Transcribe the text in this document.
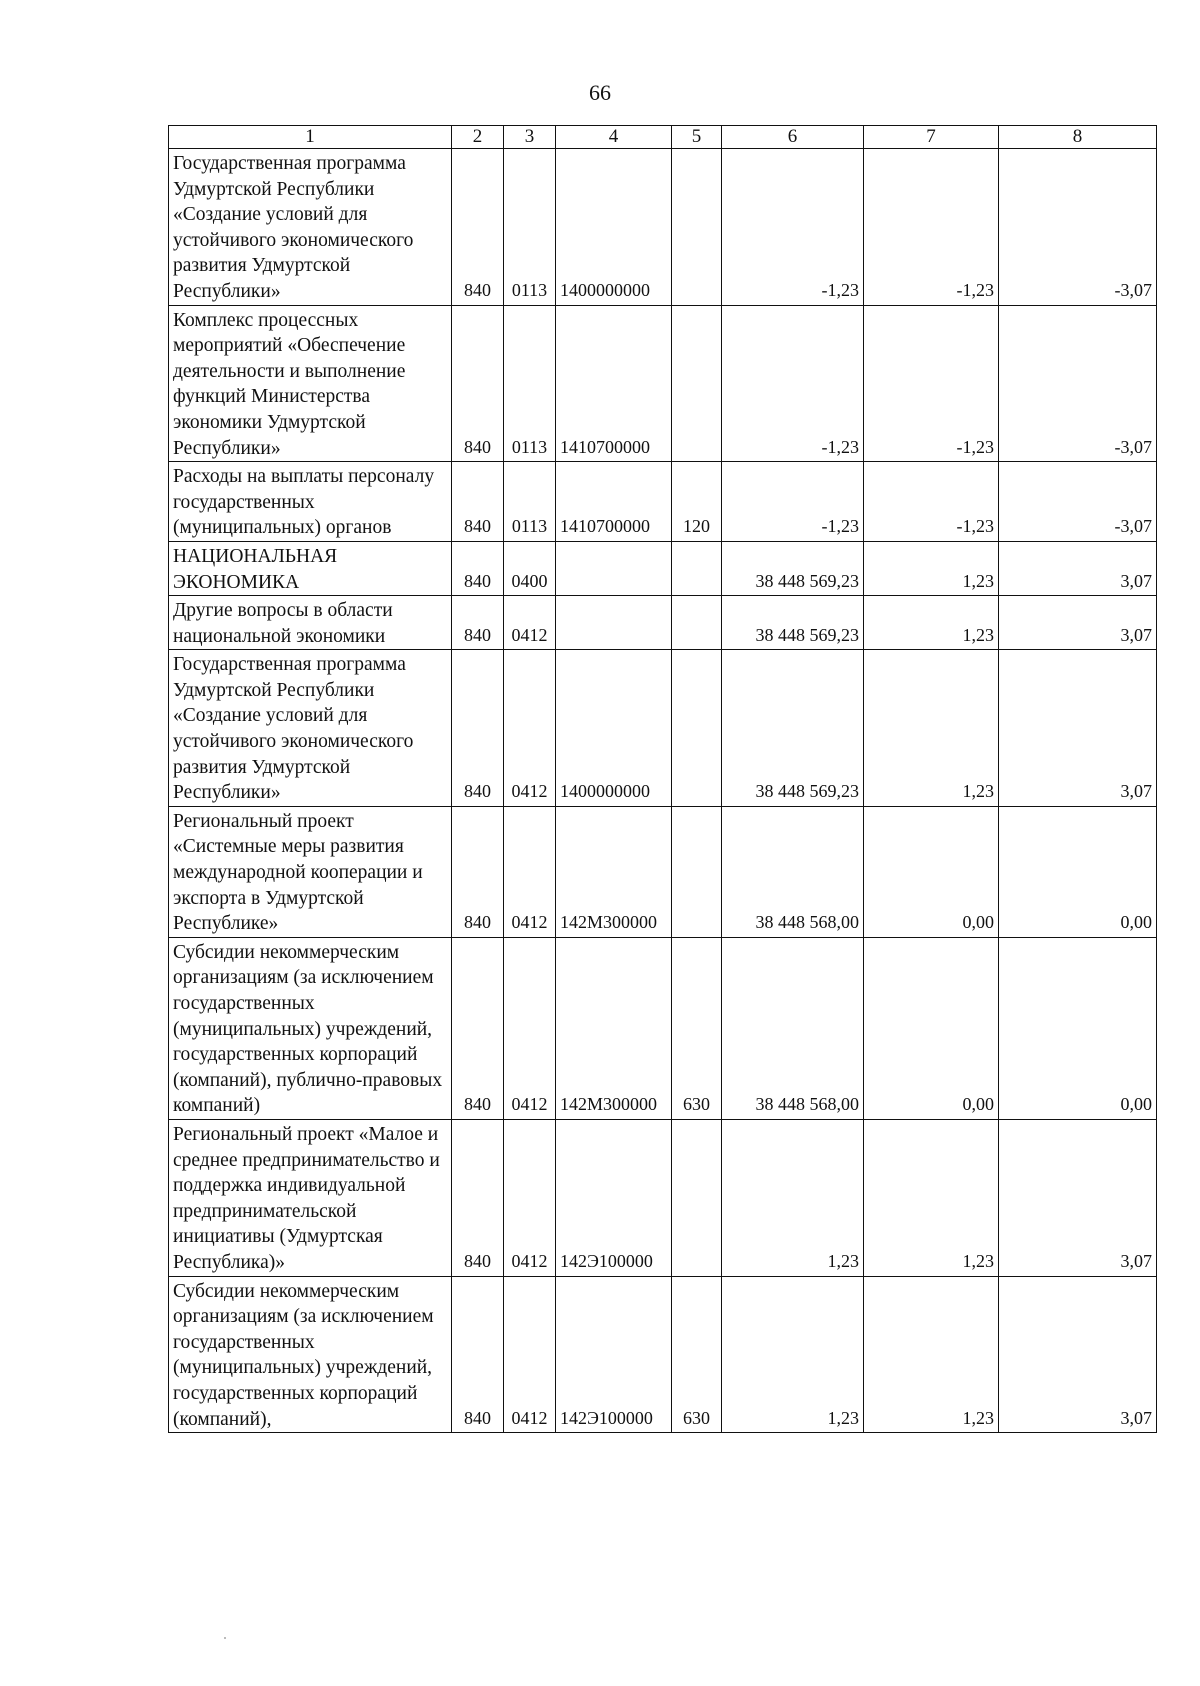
66
1	2	3	4	5	6	7	8
Государственная программа Удмуртской Республики «Создание условий для устойчивого экономического развития Удмуртской Республики»	840	0113	1400000000		-1,23	-1,23	-3,07
Комплекс процессных мероприятий «Обеспечение деятельности и выполнение функций Министерства экономики Удмуртской Республики»	840	0113	1410700000		-1,23	-1,23	-3,07
Расходы на выплаты персоналу государственных (муниципальных) органов	840	0113	1410700000	120	-1,23	-1,23	-3,07
НАЦИОНАЛЬНАЯ ЭКОНОМИКА	840	0400			38 448 569,23	1,23	3,07
Другие вопросы в области национальной экономики	840	0412			38 448 569,23	1,23	3,07
Государственная программа Удмуртской Республики «Создание условий для устойчивого экономического развития Удмуртской Республики»	840	0412	1400000000		38 448 569,23	1,23	3,07
Региональный проект «Системные меры развития международной кооперации и экспорта в Удмуртской Республике»	840	0412	142М300000		38 448 568,00	0,00	0,00
Субсидии некоммерческим организациям (за исключением государственных (муниципальных) учреждений, государственных корпораций (компаний), публично-правовых компаний)	840	0412	142М300000	630	38 448 568,00	0,00	0,00
Региональный проект «Малое и среднее предпринимательство и поддержка индивидуальной предпринимательской инициативы (Удмуртская Республика)»	840	0412	142Э100000		1,23	1,23	3,07
Субсидии некоммерческим организациям (за исключением государственных (муниципальных) учреждений, государственных корпораций (компаний),	840	0412	142Э100000	630	1,23	1,23	3,07
